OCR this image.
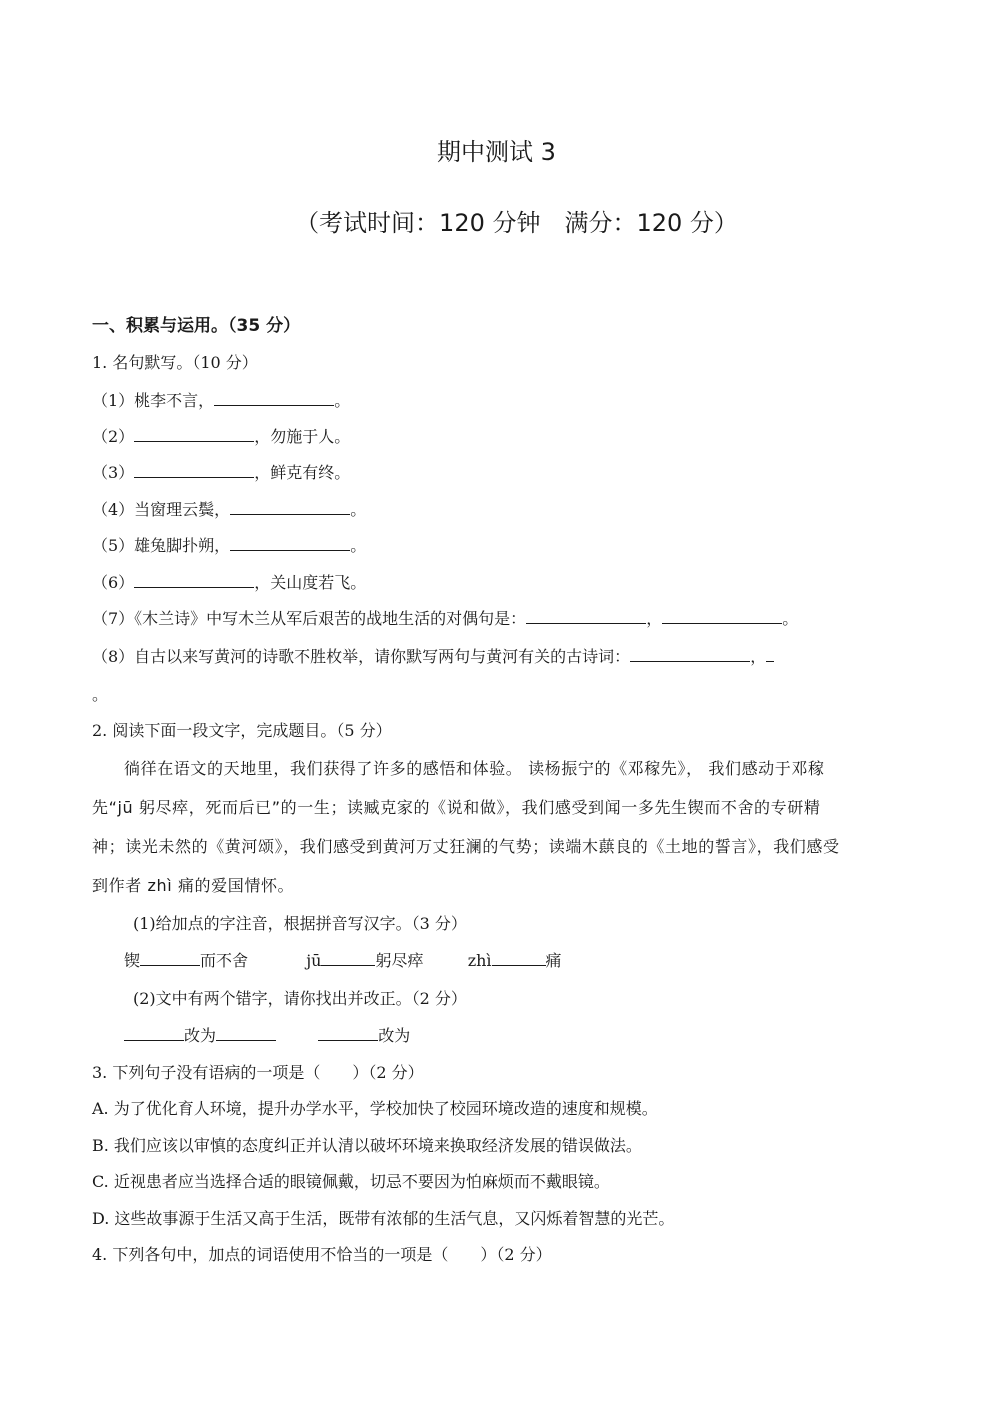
期中测试 3
（考试时间：120 分钟　满分：120 分）
一、积累与运用。（35 分）
1. 名句默写。（10 分）
（1）桃李不言，	。
（2）	，勿施于人。
（3）	，鲜克有终。
（4）当窗理云鬓，	。
（5）雄兔脚扑朔，	。
（6）	，关山度若飞。
（7）《木兰诗》中写木兰从军后艰苦的战地生活的对偶句是：	，	。
（8）自古以来写黄河的诗歌不胜枚举，请你默写两句与黄河有关的古诗词：	，
。
2. 阅读下面一段文字，完成题目。（5 分）
徜徉在语文的天地里，我们获得了许多的感悟和体验。 读杨振宁的《邓稼先》， 我们感动于邓稼
先“jū 躬尽瘁，死而后已”的一生；读臧克家的《说和做》，我们感受到闻一多先生锲而不舍的专研精
神；读光未然的《黄河颂》，我们感受到黄河万丈狂澜的气势；读端木蕻良的《土地的誓言》，我们感受
到作者 zhì 痛的爱国情怀。
(1)给加点的字注音，根据拼音写汉字。（3 分）
锲	而不舍	jū	躬尽瘁	zhì	痛
(2)文中有两个错字，请你找出并改正。（2 分）
改为	改为
3. 下列句子没有语病的一项是（　　）（2 分）
A. 为了优化育人环境，提升办学水平，学校加快了校园环境改造的速度和规模。
B. 我们应该以审慎的态度纠正并认清以破坏环境来换取经济发展的错误做法。
C. 近视患者应当选择合适的眼镜佩戴，切忌不要因为怕麻烦而不戴眼镜。
D. 这些故事源于生活又高于生活，既带有浓郁的生活气息，又闪烁着智慧的光芒。
4. 下列各句中，加点的词语使用不恰当的一项是（　　）（2 分）
